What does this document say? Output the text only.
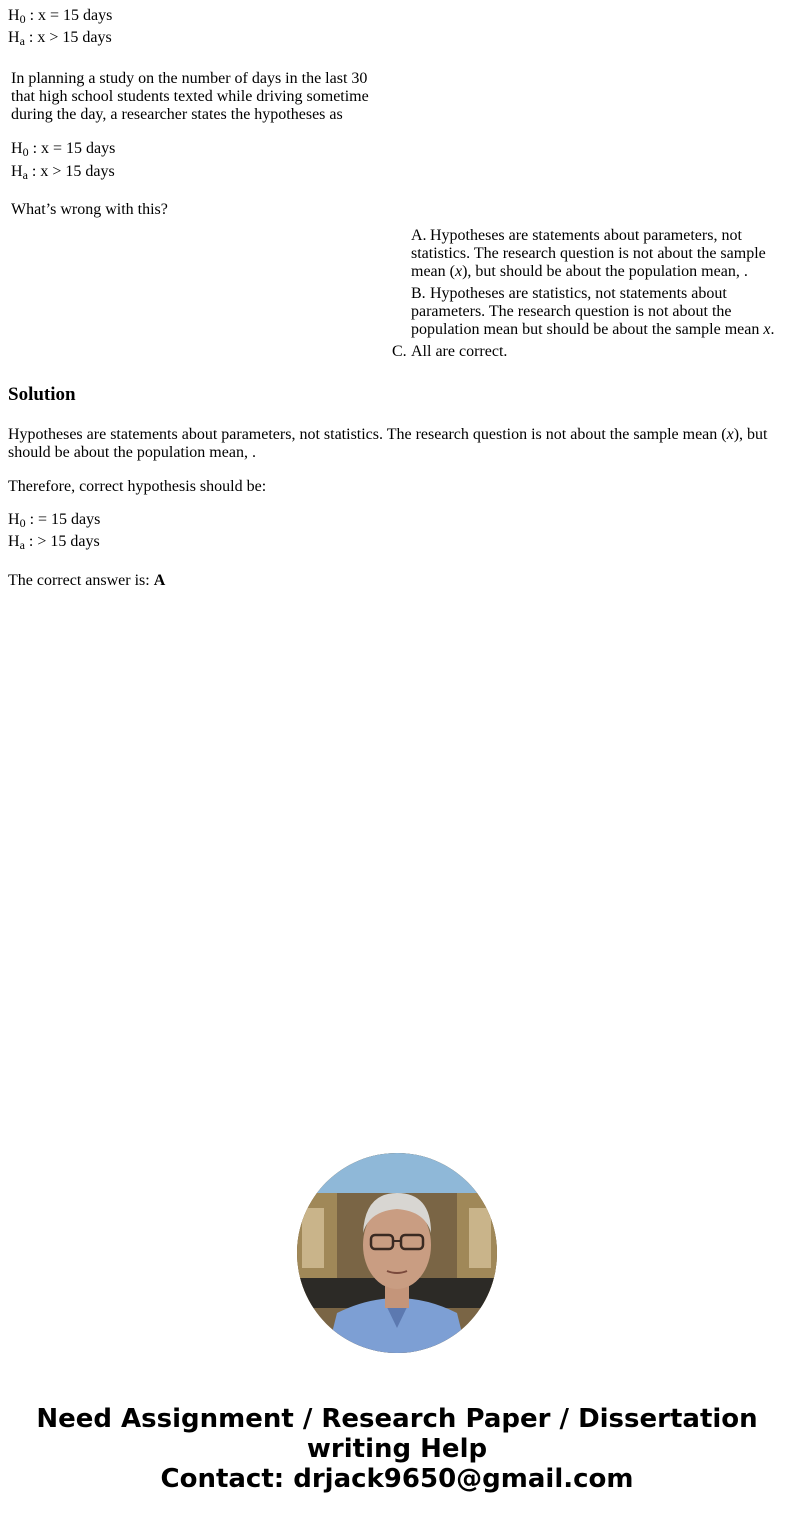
$H_0$ : x = 15 days
$H_a$ : x > 15 days
In planning a study on the number of days in the last 30 that high school students texted while driving sometime during the day, a researcher states the hypotheses as
$H_0$ : x = 15 days
$H_a$ : x > 15 days
What’s wrong with this?
A. Hypotheses are statements about parameters, not statistics. The research question is not about the sample mean (x), but should be about the population mean, .
B. Hypotheses are statistics, not statements about parameters. The research question is not about the population mean but should be about the sample mean x.
C. All are correct.
Solution
Hypotheses are statements about parameters, not statistics. The research question is not about the sample mean (x), but should be about the population mean, .
Therefore, correct hypothesis should be:
$H_0$ : = 15 days
$H_a$ : > 15 days
The correct answer is: A
Need Assignment / Research Paper / Dissertation
writing Help
Contact: drjack9650@gmail.com
